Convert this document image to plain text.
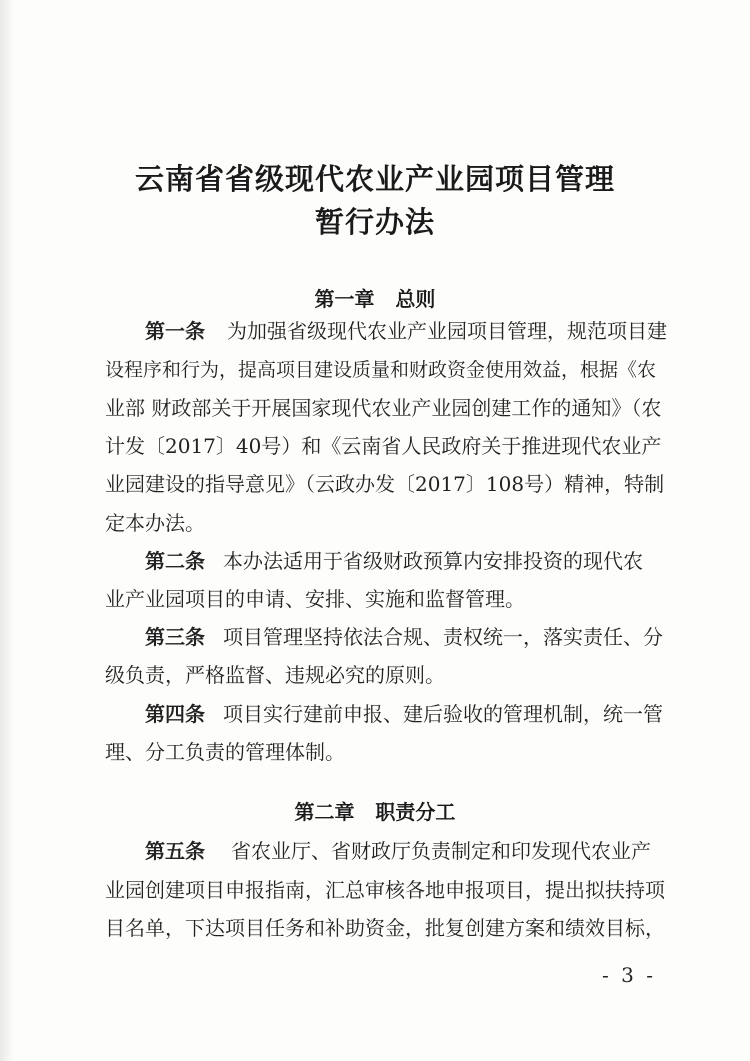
云南省省级现代农业产业园项目管理
暂行办法
第一章   总则
第一条 为加强省级现代农业产业园项目管理，规范项目建
设程序和行为，提高项目建设质量和财政资金使用效益，根据《农
业部 财政部关于开展国家现代农业产业园创建工作的通知》（农
计发〔2017〕40号）和《云南省人民政府关于推进现代农业产
业园建设的指导意见》（云政办发〔2017〕108号）精神，特制
定本办法。
第二条 本办法适用于省级财政预算内安排投资的现代农
业产业园项目的申请、安排、实施和监督管理。
第三条 项目管理坚持依法合规、责权统一，落实责任、分
级负责，严格监督、违规必究的原则。
第四条 项目实行建前申报、建后验收的管理机制，统一管
理、分工负责的管理体制。
第二章   职责分工
第五条 省农业厅、省财政厅负责制定和印发现代农业产
业园创建项目申报指南，汇总审核各地申报项目，提出拟扶持项
目名单，下达项目任务和补助资金，批复创建方案和绩效目标，
- 3 -
